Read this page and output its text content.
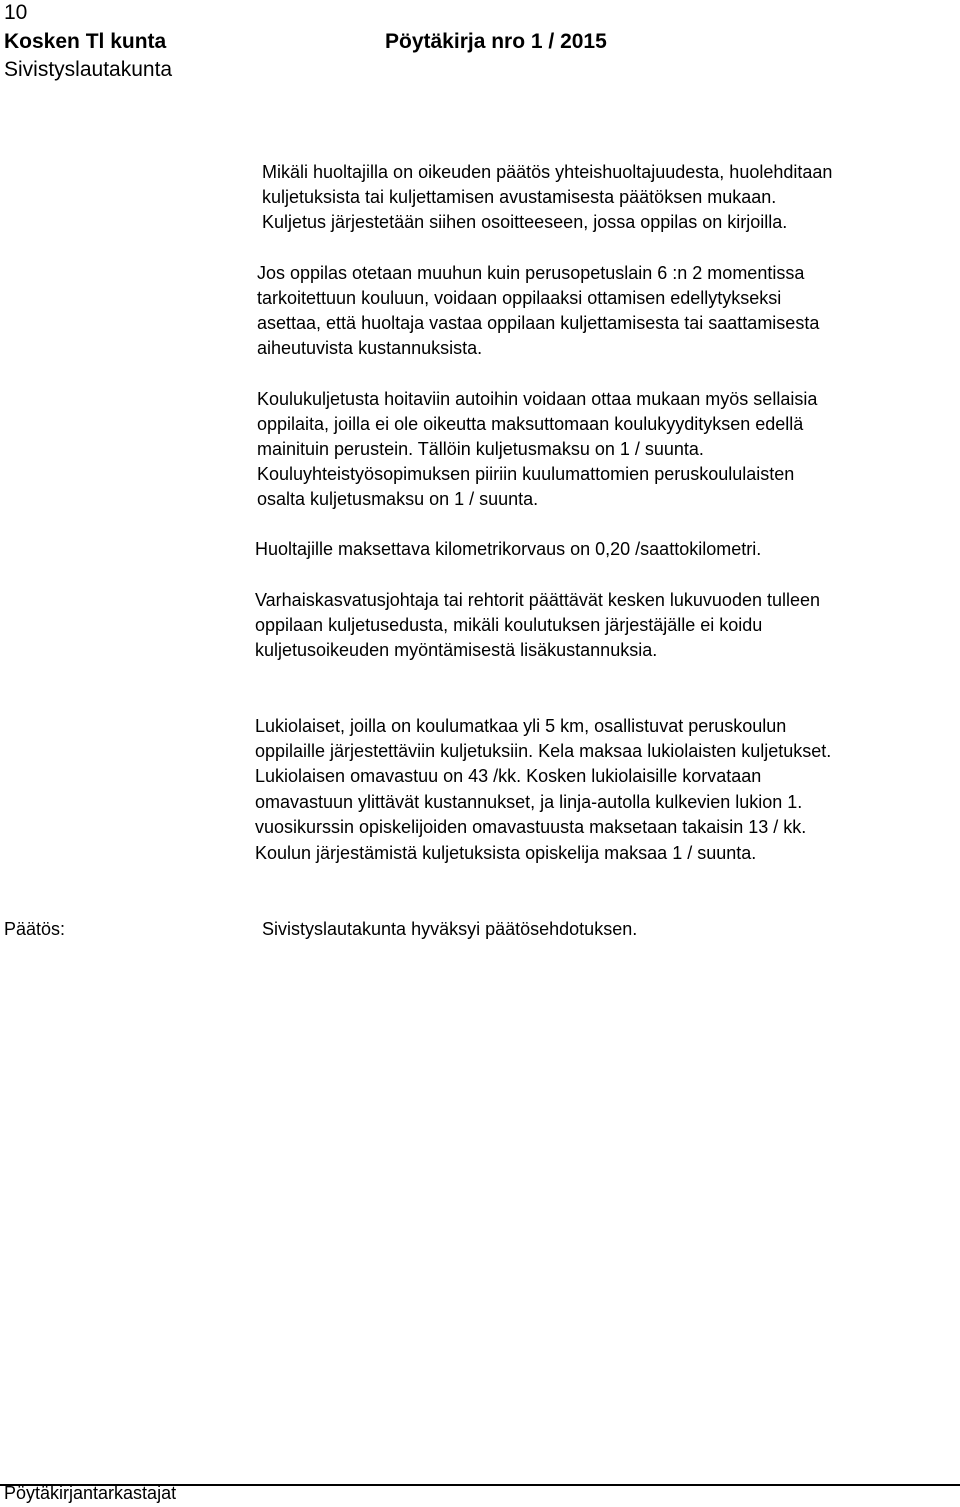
10
Kosken Tl kunta	Pöytäkirja nro 1 / 2015
Sivistyslautakunta
Mikäli huoltajilla on oikeuden päätös yhteishuoltajuudesta, huolehditaan
kuljetuksista tai kuljettamisen avustamisesta päätöksen mukaan.
Kuljetus järjestetään siihen osoitteeseen, jossa oppilas on kirjoilla.
Jos oppilas otetaan muuhun kuin perusopetuslain 6 :n 2 momentissa
tarkoitettuun kouluun, voidaan oppilaaksi ottamisen edellytykseksi
asettaa, että huoltaja vastaa oppilaan kuljettamisesta tai saattamisesta
aiheutuvista kustannuksista.
Koulukuljetusta hoitaviin autoihin voidaan ottaa mukaan myös sellaisia
oppilaita, joilla ei ole oikeutta maksuttomaan koulukyydityksen edellä
mainituin perustein. Tällöin kuljetusmaksu on 1 / suunta.
Kouluyhteistyösopimuksen piiriin kuulumattomien peruskoululaisten
osalta kuljetusmaksu on 1 / suunta.
Huoltajille maksettava kilometrikorvaus on 0,20 /saattokilometri.
Varhaiskasvatusjohtaja tai rehtorit päättävät kesken lukuvuoden tulleen
oppilaan kuljetusedusta, mikäli koulutuksen järjestäjälle ei koidu
kuljetusoikeuden myöntämisestä lisäkustannuksia.
Lukiolaiset, joilla on koulumatkaa yli 5 km, osallistuvat peruskoulun
oppilaille järjestettäviin kuljetuksiin. Kela maksaa lukiolaisten kuljetukset.
Lukiolaisen omavastuu on 43 /kk. Kosken lukiolaisille korvataan
omavastuun ylittävät kustannukset, ja linja-autolla kulkevien lukion 1.
vuosikurssin opiskelijoiden omavastuusta maksetaan takaisin 13 / kk.
Koulun järjestämistä kuljetuksista opiskelija maksaa 1 / suunta.
Päätös:	Sivistyslautakunta hyväksyi päätösehdotuksen.
Pöytäkirjantarkastajat
